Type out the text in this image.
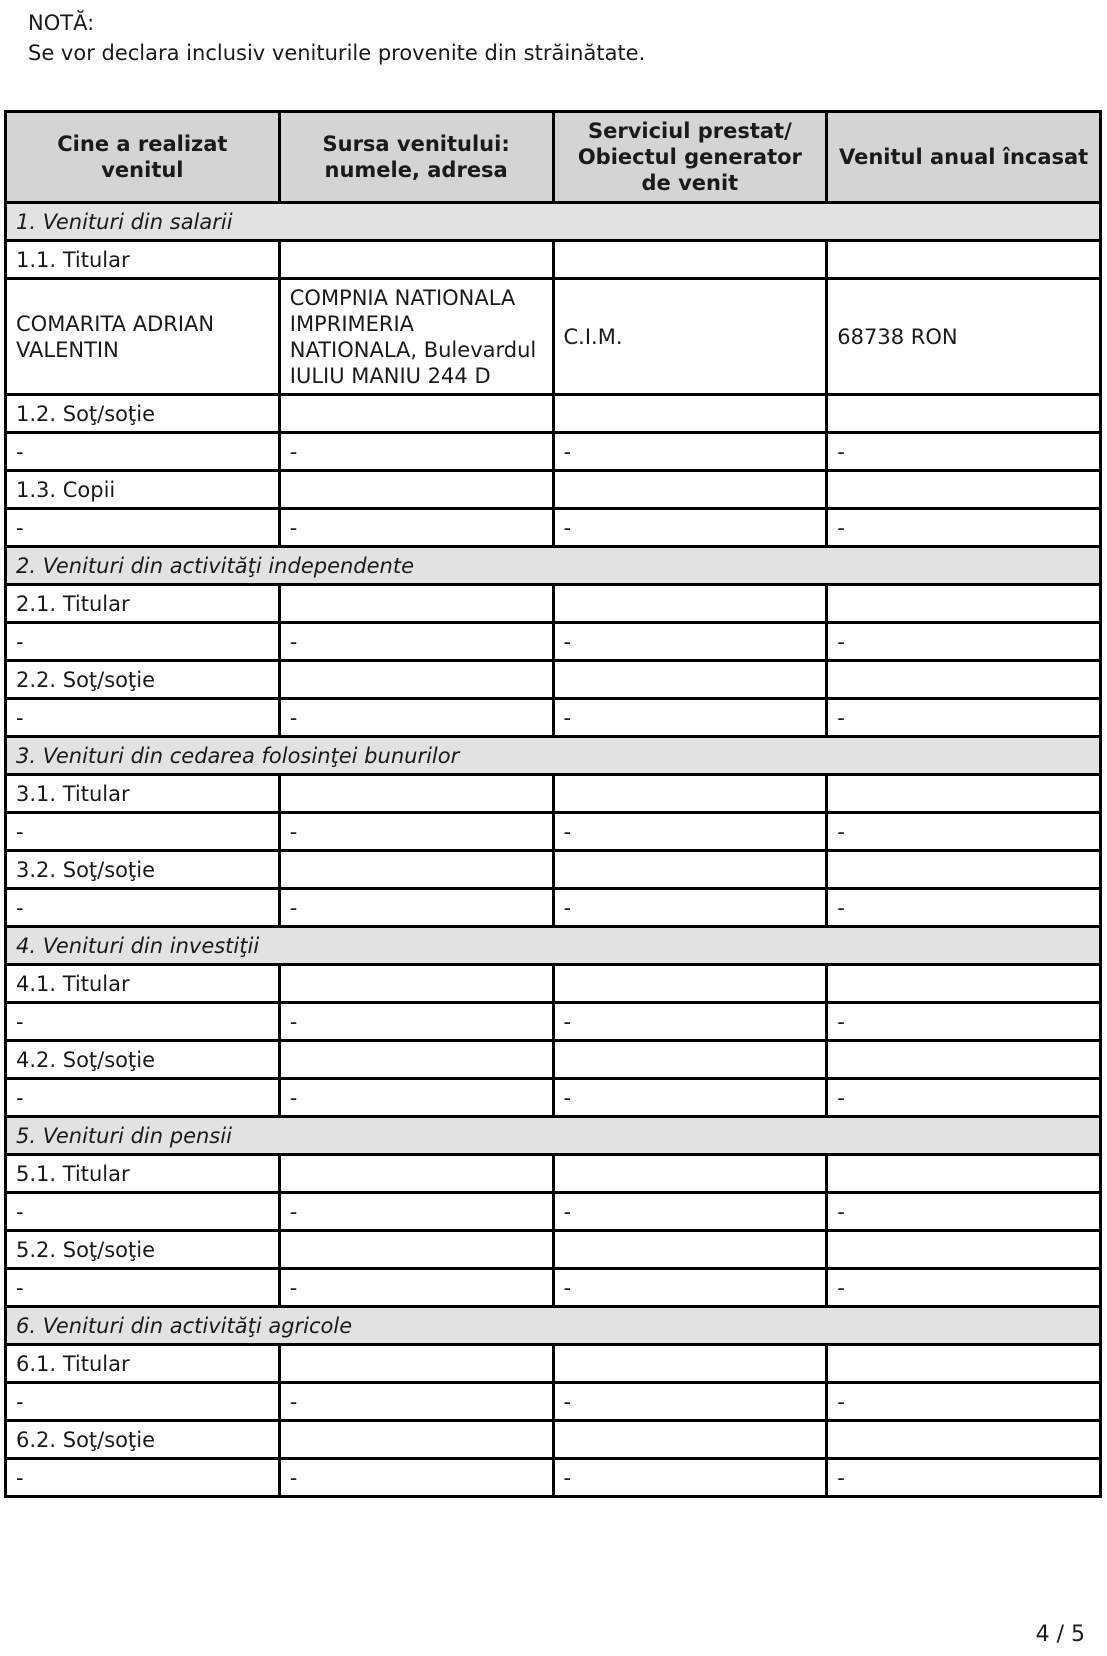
NOTĂ:
Se vor declara inclusiv veniturile provenite din străinătate.
Cine a realizat venitul	Sursa venitului: numele, adresa	Serviciul prestat/ Obiectul generator de venit	Venitul anual încasat
1. Venituri din salarii			
1.1. Titular			
COMARITA ADRIAN VALENTIN	COMPNIA NATIONALA IMPRIMERIA NATIONALA, Bulevardul IULIU MANIU 244 D	C.I.M.	68738 RON
1.2. Soţ/soţie			
-	-	-	-
1.3. Copii			
-	-	-	-
2. Venituri din activităţi independente			
2.1. Titular			
-	-	-	-
2.2. Soţ/soţie			
-	-	-	-
3. Venituri din cedarea folosinţei bunurilor			
3.1. Titular			
-	-	-	-
3.2. Soţ/soţie			
-	-	-	-
4. Venituri din investiţii			
4.1. Titular			
-	-	-	-
4.2. Soţ/soţie			
-	-	-	-
5. Venituri din pensii			
5.1. Titular			
-	-	-	-
5.2. Soţ/soţie			
-	-	-	-
6. Venituri din activităţi agricole			
6.1. Titular			
-	-	-	-
6.2. Soţ/soţie			
-	-	-	-
4 / 5
